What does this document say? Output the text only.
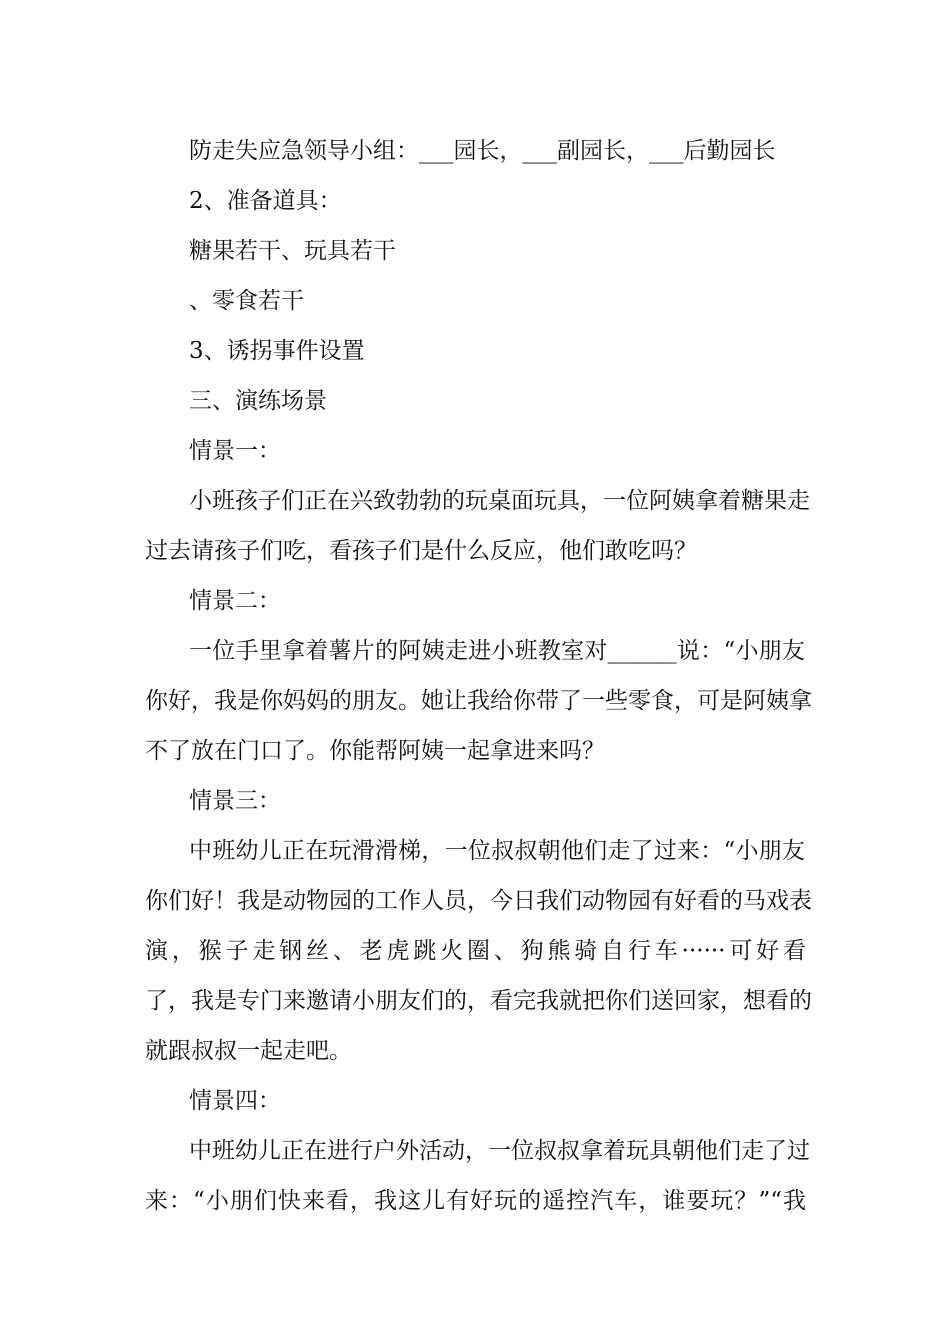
防走失应急领导小组：___园长，___副园长，___后勤园长
2、准备道具：
糖果若干、玩具若干
、零食若干
3、诱拐事件设置
三、演练场景
情景一：
小班孩子们正在兴致勃勃的玩桌面玩具，一位阿姨拿着糖果走
过去请孩子们吃，看孩子们是什么反应，他们敢吃吗？
情景二：
一位手里拿着薯片的阿姨走进小班教室对______说：“小朋友
你好，我是你妈妈的朋友。她让我给你带了一些零食，可是阿姨拿
不了放在门口了。你能帮阿姨一起拿进来吗？
情景三：
中班幼儿正在玩滑滑梯，一位叔叔朝他们走了过来：“小朋友
你们好！我是动物园的工作人员，今日我们动物园有好看的马戏表
演，猴子走钢丝、老虎跳火圈、狗熊骑自行车······可好看
了，我是专门来邀请小朋友们的，看完我就把你们送回家，想看的
就跟叔叔一起走吧。
情景四：
中班幼儿正在进行户外活动，一位叔叔拿着玩具朝他们走了过
来：“小朋们快来看，我这儿有好玩的遥控汽车，谁要玩？”“我
